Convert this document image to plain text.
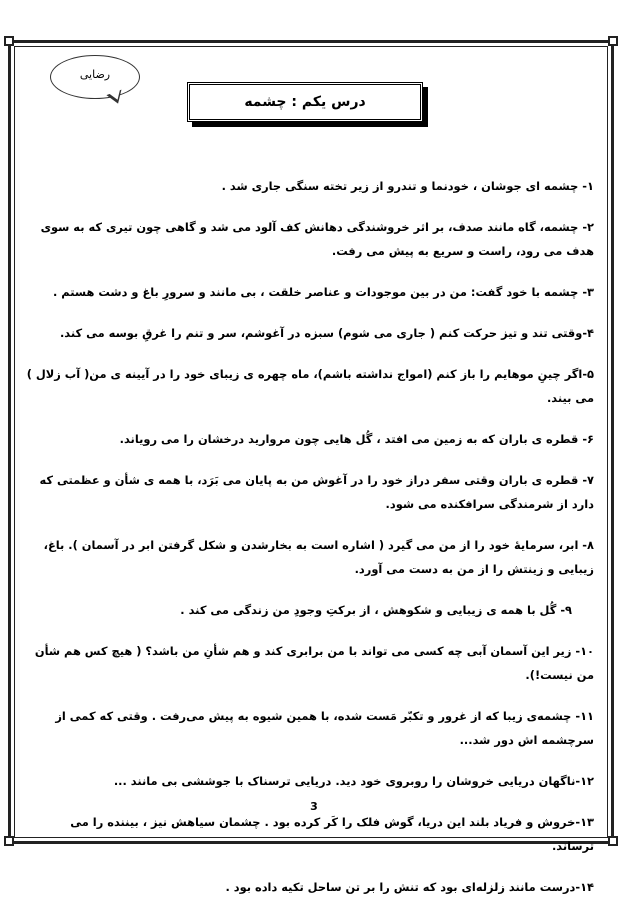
رضایی
درس یکم : چشمه

۱- چشمه ای جوشان ، خودنما و تندرو از زیر تخته سنگی جاری شد .

۲- چشمه، گاه مانند صدف، بر اثر خروشندگی دهانش کف آلود می شد و گاهی چون تیری که به سوی هدف می رود، راست و سریع به پیش می رفت.

۳- چشمه با خود گفت: من در بین موجودات و عناصر خلقت ، بی مانند و سرورِ باغ و دشت هستم .

۴-وقتی تند و تیز حرکت کنم ( جاری می شوم) سبزه در آغوشم، سر و تنم را غرقِ بوسه می کند.

۵-اگر چینِ موهایم را باز کنم (امواج نداشته باشم)، ماه چهره ی زیبای خود را در آیینه ی من( آب زلال ) می بیند.

۶- قطره ی باران که به زمین می افتد ، گُل هایی چون مروارید درخشان را می رویاند.

۷- قطره ی باران وقتی سفر دراز خود را در آغوش من به پایان می بَرَد، با همه ی شأن و عظمتی که دارد از شرمندگی سرافکنده می شود.

۸- ابر، سرمایهٔ خود را از من می گیرد ( اشاره است به بخارشدن و شکل گرفتن ابر در آسمان ). باغ، زیبایی و زینتش را از من به دست می آورد.

۹- گُل با همه ی زیبایی و شکوهش ، از برکتِ وجودِ من زندگی می کند .

۱۰- زیر این آسمان آبی چه کسی می تواند با من برابری کند و هم شأنِ من باشد؟ ( هیچ کس هم شأن من نیست!).

۱۱- چشمه‌ی زیبا که از غرور و تکبّر مَست شده، با همین شیوه به پیش می‌رفت . وقتی که کمی از سرچشمه اش دور شد...

۱۲-ناگهان دریایی خروشان را روبروی خود دید. دریایی ترسناک با جوششی بی مانند ...

۱۳-خروش و فریاد بلند این دریا، گوش فلک را کَر کرده بود . چشمان سیاهش نیز ، بیننده را می ترساند.

۱۴-درست مانند زلزله‌ای بود که تنش را بر تن ساحل تکیه داده بود .

3
